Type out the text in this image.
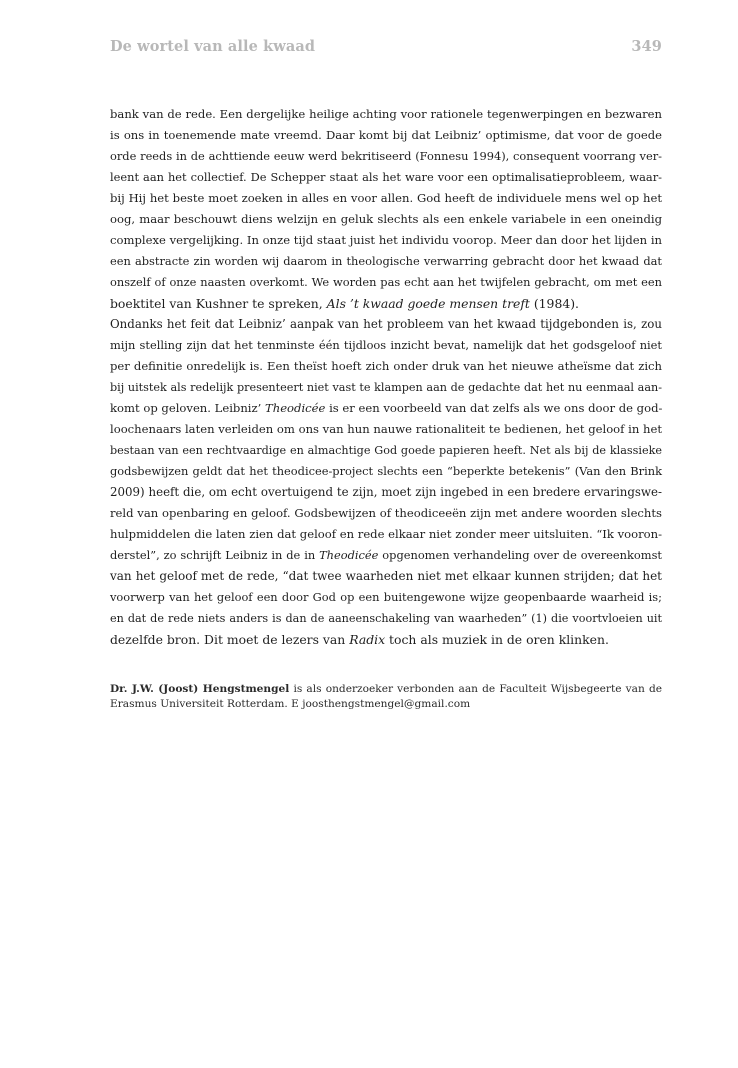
De wortel van alle kwaad	349

bank van de rede. Een dergelijke heilige achting voor rationele tegenwerpingen en bezwaren
is ons in toenemende mate vreemd. Daar komt bij dat Leibniz’ optimisme, dat voor de goede
orde reeds in de achttiende eeuw werd bekritiseerd (Fonnesu 1994), consequent voorrang ver-
leent aan het collectief. De Schepper staat als het ware voor een optimalisatieprobleem, waar-
bij Hij het beste moet zoeken in alles en voor allen. God heeft de individuele mens wel op het
oog, maar beschouwt diens welzijn en geluk slechts als een enkele variabele in een oneindig
complexe vergelijking. In onze tijd staat juist het individu voorop. Meer dan door het lijden in
een abstracte zin worden wij daarom in theologische verwarring gebracht door het kwaad dat
onszelf of onze naasten overkomt. We worden pas echt aan het twijfelen gebracht, om met een
boektitel van Kushner te spreken, Als ’t kwaad goede mensen treft (1984).

Ondanks het feit dat Leibniz’ aanpak van het probleem van het kwaad tijdgebonden is, zou
mijn stelling zijn dat het tenminste één tijdloos inzicht bevat, namelijk dat het godsgeloof niet
per definitie onredelijk is. Een theïst hoeft zich onder druk van het nieuwe atheïsme dat zich
bij uitstek als redelijk presenteert niet vast te klampen aan de gedachte dat het nu eenmaal aan-
komt op geloven. Leibniz’ Theodicée is er een voorbeeld van dat zelfs als we ons door de god-
loochenaars laten verleiden om ons van hun nauwe rationaliteit te bedienen, het geloof in het
bestaan van een rechtvaardige en almachtige God goede papieren heeft. Net als bij de klassieke
godsbewijzen geldt dat het theodicee-project slechts een “beperkte betekenis” (Van den Brink
2009) heeft die, om echt overtuigend te zijn, moet zijn ingebed in een bredere ervaringswe-
reld van openbaring en geloof. Godsbewijzen of theodiceeën zijn met andere woorden slechts
hulpmiddelen die laten zien dat geloof en rede elkaar niet zonder meer uitsluiten. “Ik vooron-
derstel”, zo schrijft Leibniz in de in Theodicée opgenomen verhandeling over de overeenkomst
van het geloof met de rede, “dat twee waarheden niet met elkaar kunnen strijden; dat het
voorwerp van het geloof een door God op een buitengewone wijze geopenbaarde waarheid is;
en dat de rede niets anders is dan de aaneenschakeling van waarheden” (1) die voortvloeien uit
dezelfde bron. Dit moet de lezers van Radix toch als muziek in de oren klinken.

Dr. J.W. (Joost) Hengstmengel is als onderzoeker verbonden aan de Faculteit Wijsbegeerte van de Erasmus Universiteit Rotterdam. E joosthengstmengel@gmail.com
